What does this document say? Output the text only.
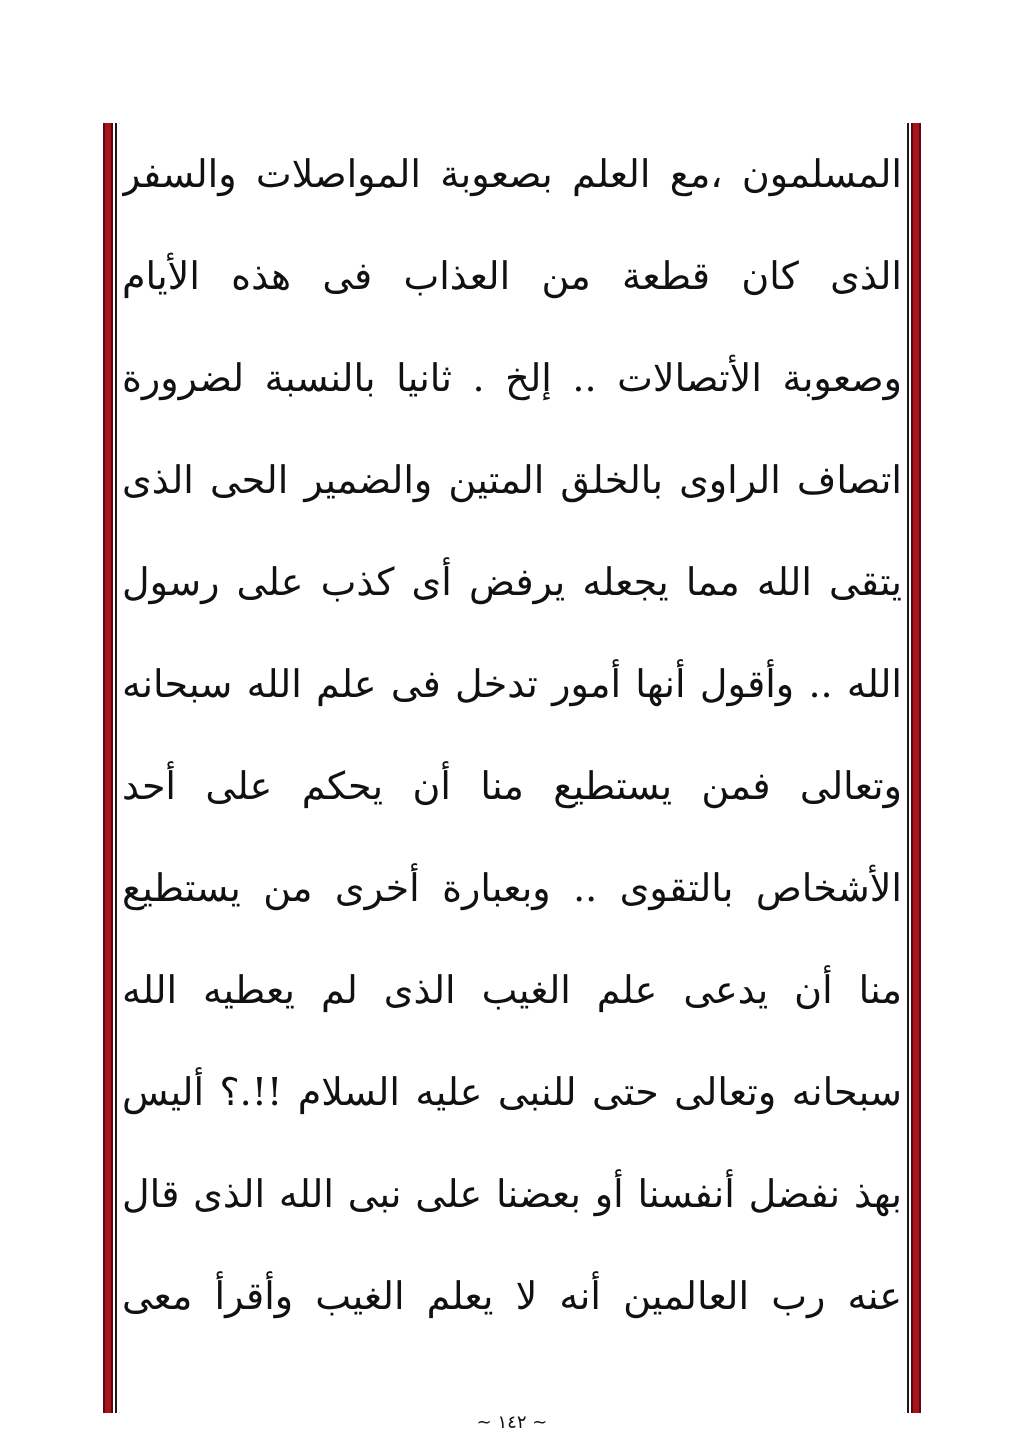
المسلمون ،مع العلم بصعوبة المواصلات والسفر
الذى كان قطعة من العذاب فى هذه الأيام
وصعوبة الأتصالات .. إلخ . ثانيا بالنسبة لضرورة
اتصاف الراوى بالخلق المتين والضمير الحى الذى
يتقى الله مما يجعله يرفض أى كذب على رسول
الله .. وأقول أنها أمور تدخل فى علم الله سبحانه
وتعالى فمن يستطيع منا أن يحكم على أحد
الأشخاص بالتقوى .. وبعبارة أخرى من يستطيع
منا أن يدعى علم الغيب الذى لم يعطيه الله
سبحانه وتعالى حتى للنبى عليه السلام !!.؟ أليس
بهذ نفضل أنفسنا أو بعضنا على نبى الله الذى قال
عنه رب العالمين أنه لا يعلم الغيب وأقرأ معى
~ ١٤٢ ~
